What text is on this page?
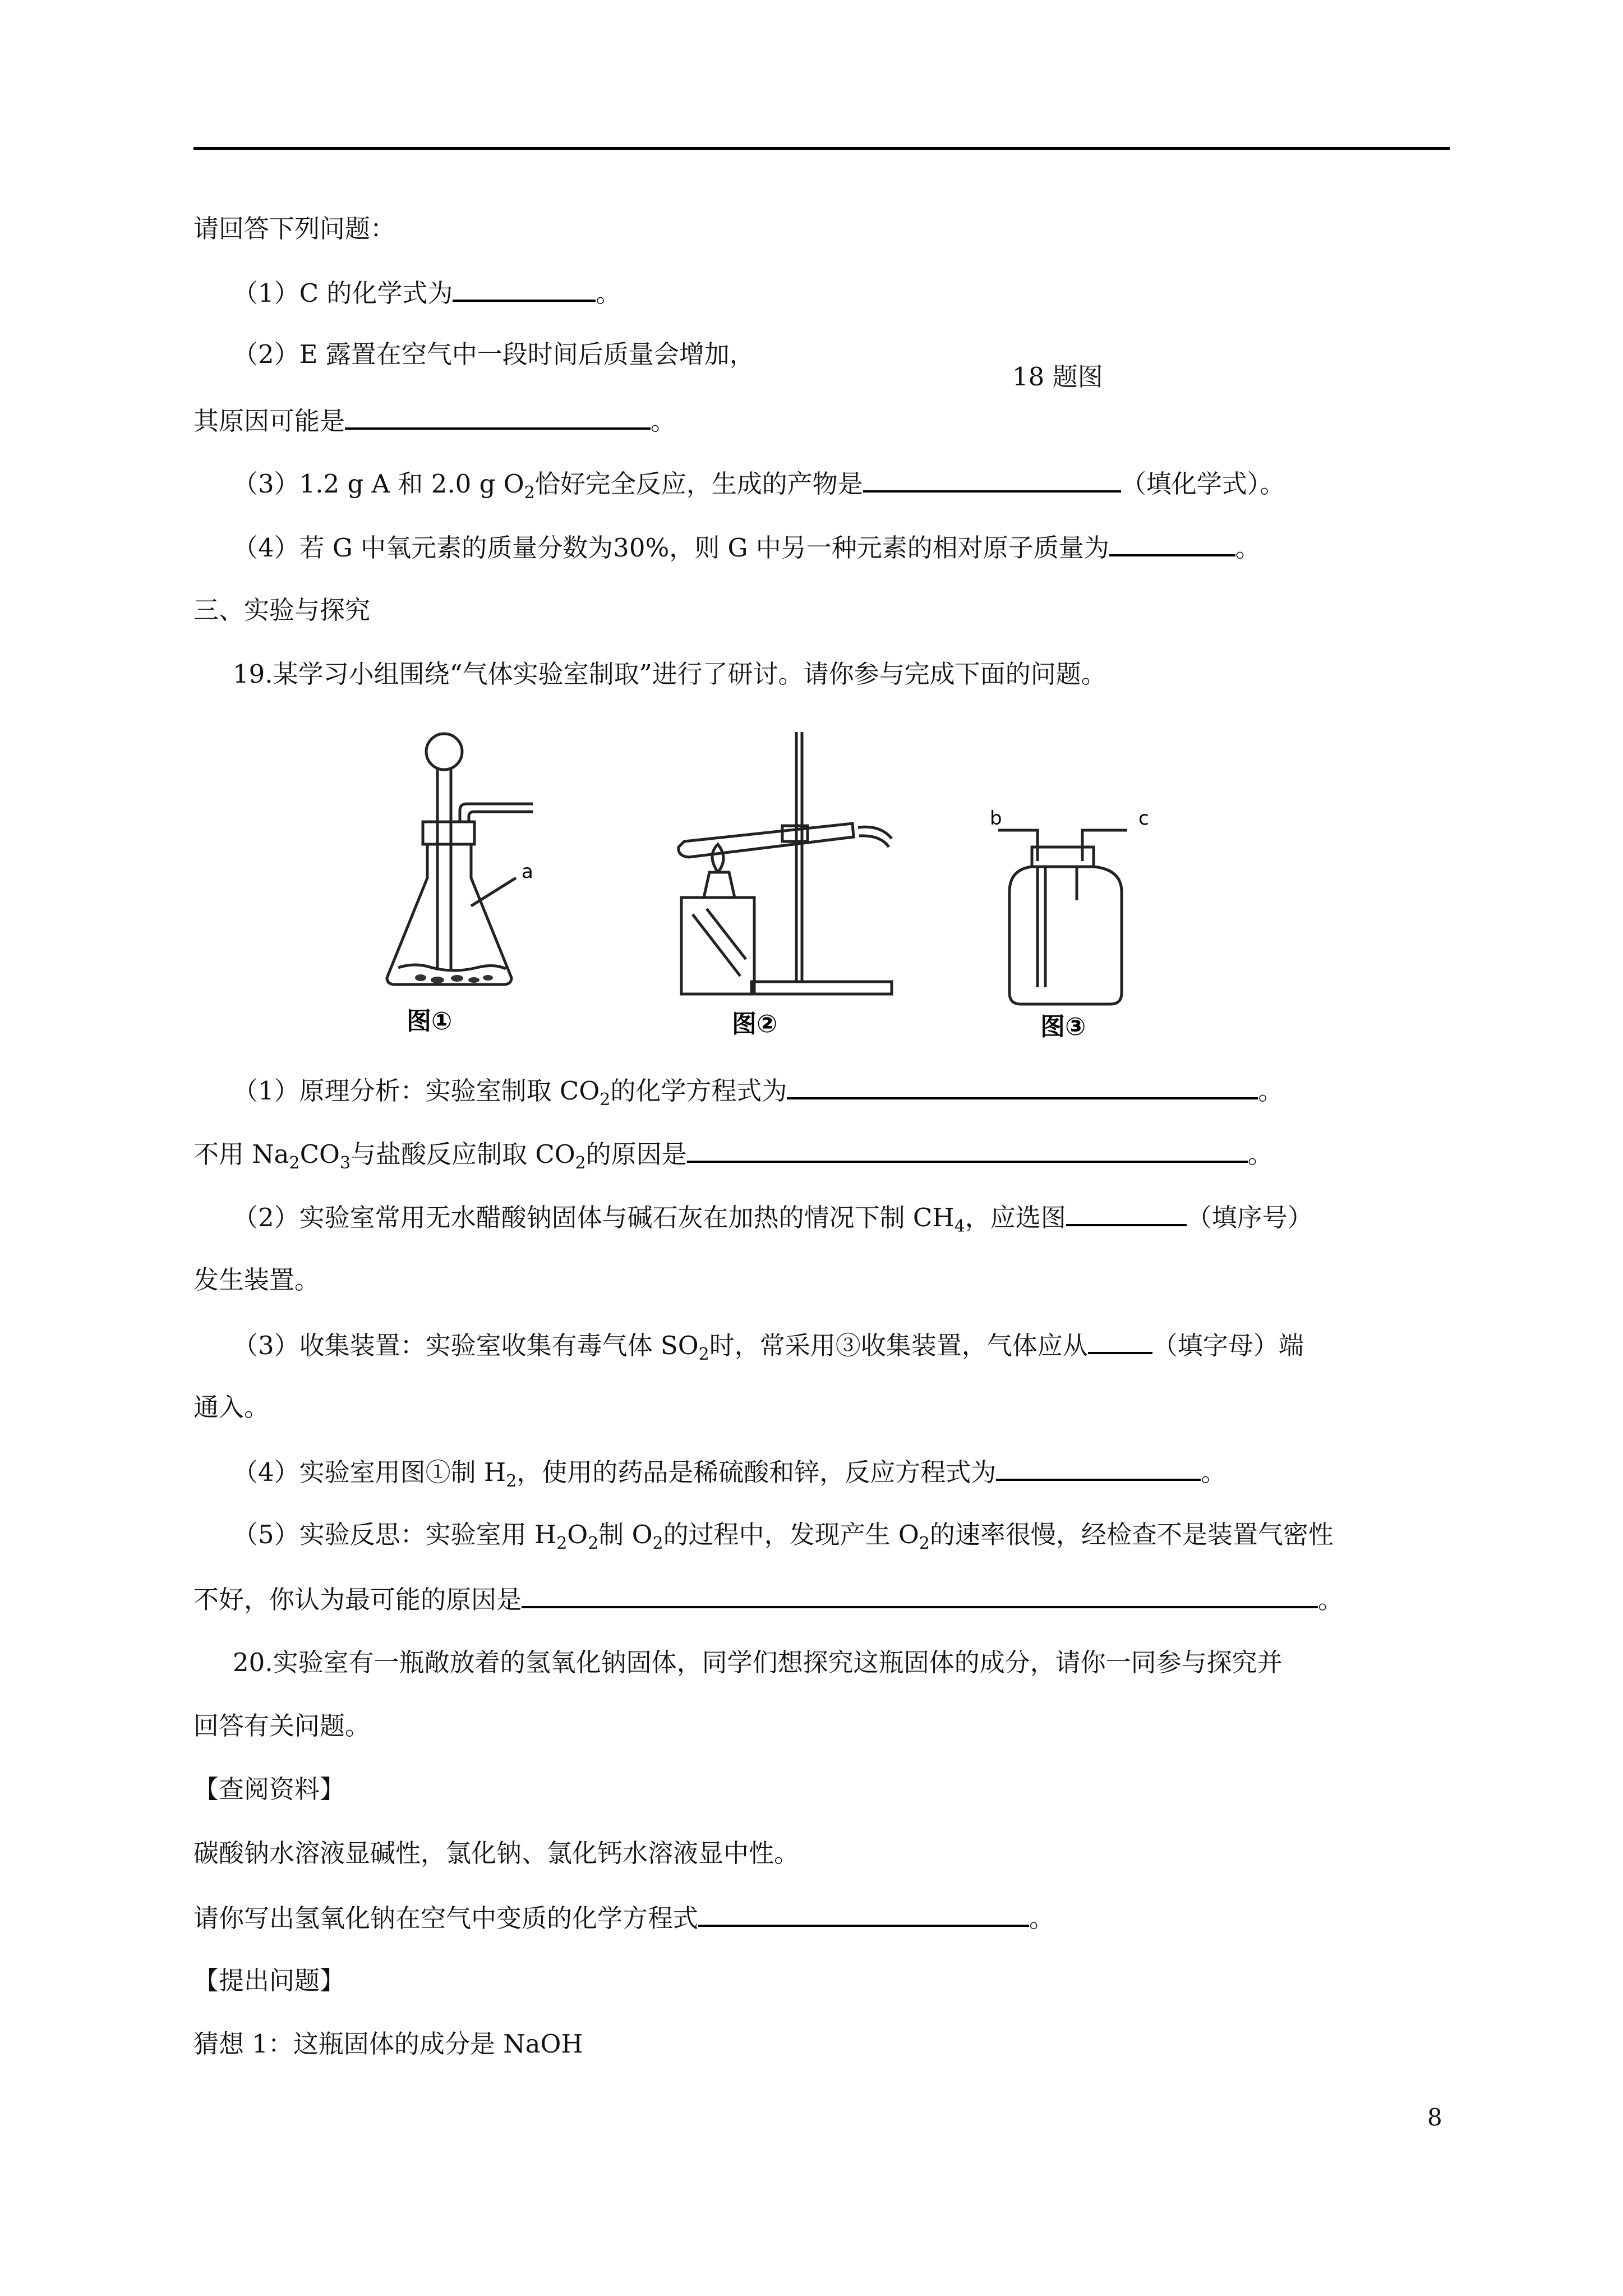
请回答下列问题：
（1）C 的化学式为	。
（2）E 露置在空气中一段时间后质量会增加，
18 题图
其原因可能是	。
（3）1.2 g A 和 2.0 g $O_2$恰好完全反应，生成的产物是	（填化学式）。
（4）若 G 中氧元素的质量分数为30%，则 G 中另一种元素的相对原子质量为	。
三、实验与探究
19.某学习小组围绕“气体实验室制取”进行了研讨。请你参与完成下面的问题。
a
图①	图②
b	c
图③
（1）原理分析：实验室制取 $CO_2$的化学方程式为	。
不用 $Na_2CO_3$与盐酸反应制取 $CO_2$的原因是	。
（2）实验室常用无水醋酸钠固体与碱石灰在加热的情况下制 $CH_4$，应选图	（填序号）
发生装置。
（3）收集装置：实验室收集有毒气体 $SO_2$时，常采用③收集装置，气体应从	（填字母）端
通入。
（4）实验室用图①制 $H_2$，使用的药品是稀硫酸和锌，反应方程式为	。
（5）实验反思：实验室用 $H_2O_2$制 $O_2$的过程中，发现产生 $O_2$的速率很慢，经检查不是装置气密性
不好，你认为最可能的原因是	。
20.实验室有一瓶敞放着的氢氧化钠固体，同学们想探究这瓶固体的成分，请你一同参与探究并
回答有关问题。
【查阅资料】
碳酸钠水溶液显碱性，氯化钠、氯化钙水溶液显中性。
请你写出氢氧化钠在空气中变质的化学方程式	。
【提出问题】
猜想 1：这瓶固体的成分是 NaOH
8
